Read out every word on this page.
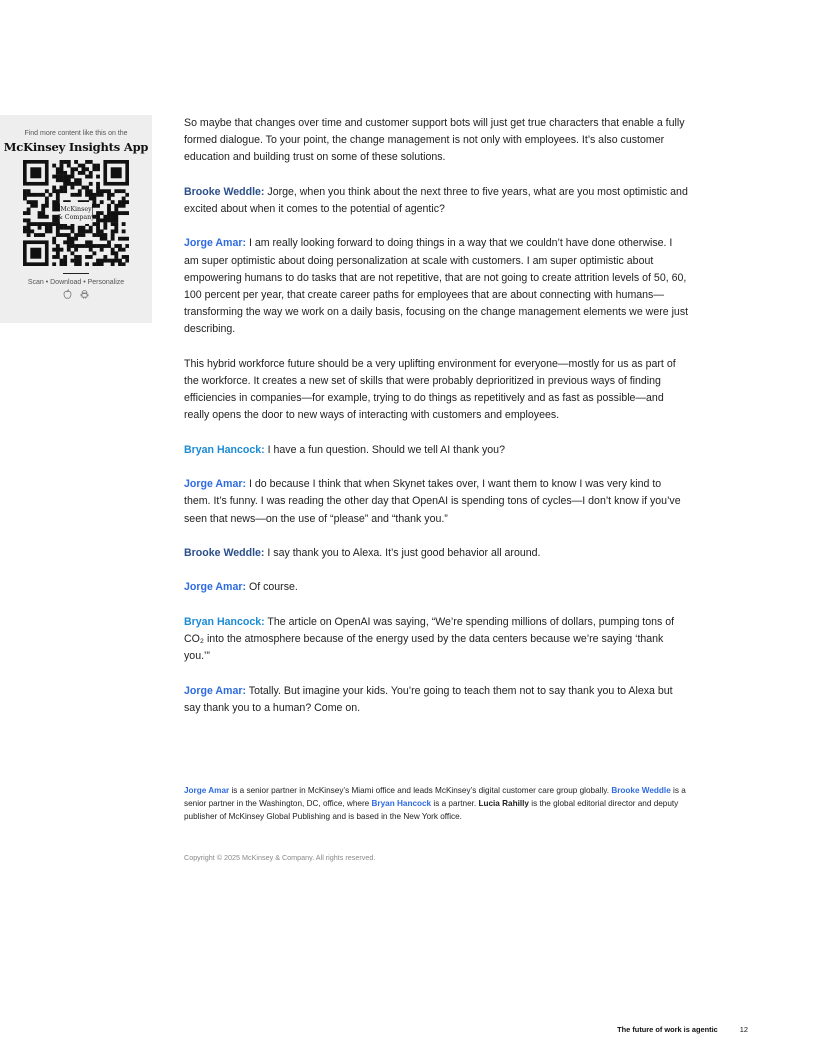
Find more content like this on the
McKinsey Insights App
McKinsey
& Company
Scan • Download • Personalize

So maybe that changes over time and customer support bots will just get true characters that enable a fully formed dialogue. To your point, the change management is not only with employees. It’s also customer education and building trust on some of these solutions.

Brooke Weddle: Jorge, when you think about the next three to five years, what are you most optimistic and excited about when it comes to the potential of agentic?

Jorge Amar: I am really looking forward to doing things in a way that we couldn’t have done otherwise. I am super optimistic about doing personalization at scale with customers. I am super optimistic about empowering humans to do tasks that are not repetitive, that are not going to create attrition levels of 50, 60, 100 percent per year, that create career paths for employees that are about connecting with humans—transforming the way we work on a daily basis, focusing on the change management elements we were just describing.

This hybrid workforce future should be a very uplifting environment for everyone—mostly for us as part of the workforce. It creates a new set of skills that were probably deprioritized in previous ways of finding efficiencies in companies—for example, trying to do things as repetitively and as fast as possible—and really opens the door to new ways of interacting with customers and employees.

Bryan Hancock: I have a fun question. Should we tell AI thank you?

Jorge Amar: I do because I think that when Skynet takes over, I want them to know I was very kind to them. It’s funny. I was reading the other day that OpenAI is spending tons of cycles—I don’t know if you’ve seen that news—on the use of “please” and “thank you.”

Brooke Weddle: I say thank you to Alexa. It’s just good behavior all around.

Jorge Amar: Of course.

Bryan Hancock: The article on OpenAI was saying, “We’re spending millions of dollars, pumping tons of CO₂ into the atmosphere because of the energy used by the data centers because we’re saying ‘thank you.’”

Jorge Amar: Totally. But imagine your kids. You’re going to teach them not to say thank you to Alexa but say thank you to a human? Come on.

Jorge Amar is a senior partner in McKinsey’s Miami office and leads McKinsey’s digital customer care group globally. Brooke Weddle is a senior partner in the Washington, DC, office, where Bryan Hancock is a partner. Lucia Rahilly is the global editorial director and deputy publisher of McKinsey Global Publishing and is based in the New York office.
Copyright © 2025 McKinsey & Company. All rights reserved.
The future of work is agentic	12
